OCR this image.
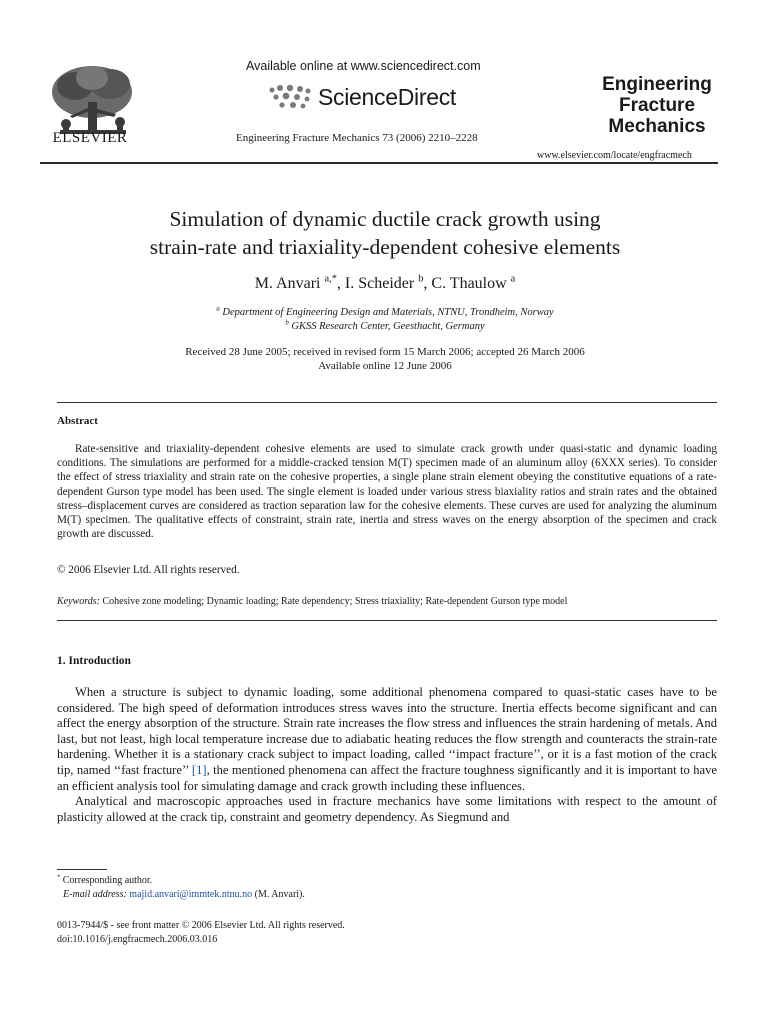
ELSEVIER
Available online at www.sciencedirect.com
ScienceDirect
Engineering Fracture Mechanics 73 (2006) 2210–2228
Engineering
Fracture
Mechanics
www.elsevier.com/locate/engfracmech
Simulation of dynamic ductile crack growth using
strain-rate and triaxiality-dependent cohesive elements
M. Anvari $^{a,*}$, I. Scheider $^b$, C. Thaulow $^a$
$^a$ Department of Engineering Design and Materials, NTNU, Trondheim, Norway
$^b$ GKSS Research Center, Geesthacht, Germany
Received 28 June 2005; received in revised form 15 March 2006; accepted 26 March 2006
Available online 12 June 2006
Abstract

Rate-sensitive and triaxiality-dependent cohesive elements are used to simulate crack growth under quasi-static and dynamic loading conditions. The simulations are performed for a middle-cracked tension M(T) specimen made of an aluminum alloy (6XXX series). To consider the effect of stress triaxiality and strain rate on the cohesive properties, a single plane strain element obeying the constitutive equations of a rate-dependent Gurson type model has been used. The single element is loaded under various stress biaxiality ratios and strain rates and the obtained stress–displacement curves are considered as traction separation law for the cohesive elements. These curves are used for analyzing the aluminum M(T) specimen. The qualitative effects of constraint, strain rate, inertia and stress waves on the energy absorption of the specimen and crack growth are discussed.

© 2006 Elsevier Ltd. All rights reserved.
Keywords: Cohesive zone modeling; Dynamic loading; Rate dependency; Stress triaxiality; Rate-dependent Gurson type model
1. Introduction

When a structure is subject to dynamic loading, some additional phenomena compared to quasi-static cases have to be considered. The high speed of deformation introduces stress waves into the structure. Inertia effects become significant and can affect the energy absorption of the structure. Strain rate increases the flow stress and influences the strain hardening of metals. And last, but not least, high local temperature increase due to adiabatic heating reduces the flow strength and counteracts the strain-rate hardening. Whether it is a stationary crack subject to impact loading, called ‘‘impact fracture’’, or it is a fast motion of the crack tip, named ‘‘fast fracture’’ [1], the mentioned phenomena can affect the fracture toughness significantly and it is important to have an efficient analysis tool for simulating damage and crack growth including these influences.

Analytical and macroscopic approaches used in fracture mechanics have some limitations with respect to the amount of plasticity allowed at the crack tip, constraint and geometry dependency. As Siegmund and

* Corresponding author.
E-mail address: majid.anvari@immtek.ntnu.no (M. Anvari).
0013-7944/$ - see front matter © 2006 Elsevier Ltd. All rights reserved.
doi:10.1016/j.engfracmech.2006.03.016
